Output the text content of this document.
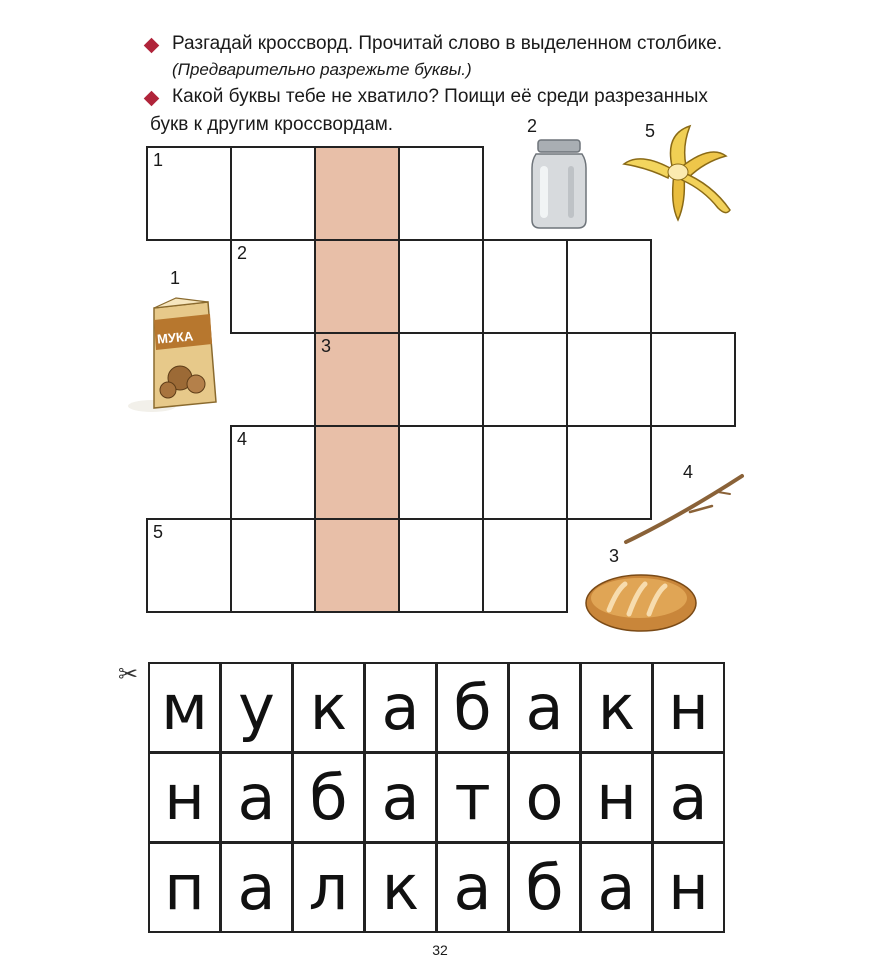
Разгадай кроссворд. Прочитай слово в выделенном столбике.
(Предварительно разрежьте буквы.)
Какой буквы тебе не хватило? Поищи её среди разрезанных
букв к другим кроссвордам.
1
2
3
4
5
2	5
1
МУКА
4
3
✂ м у к а б а к н
н а б а т о н а
п а л к а б а н
32
